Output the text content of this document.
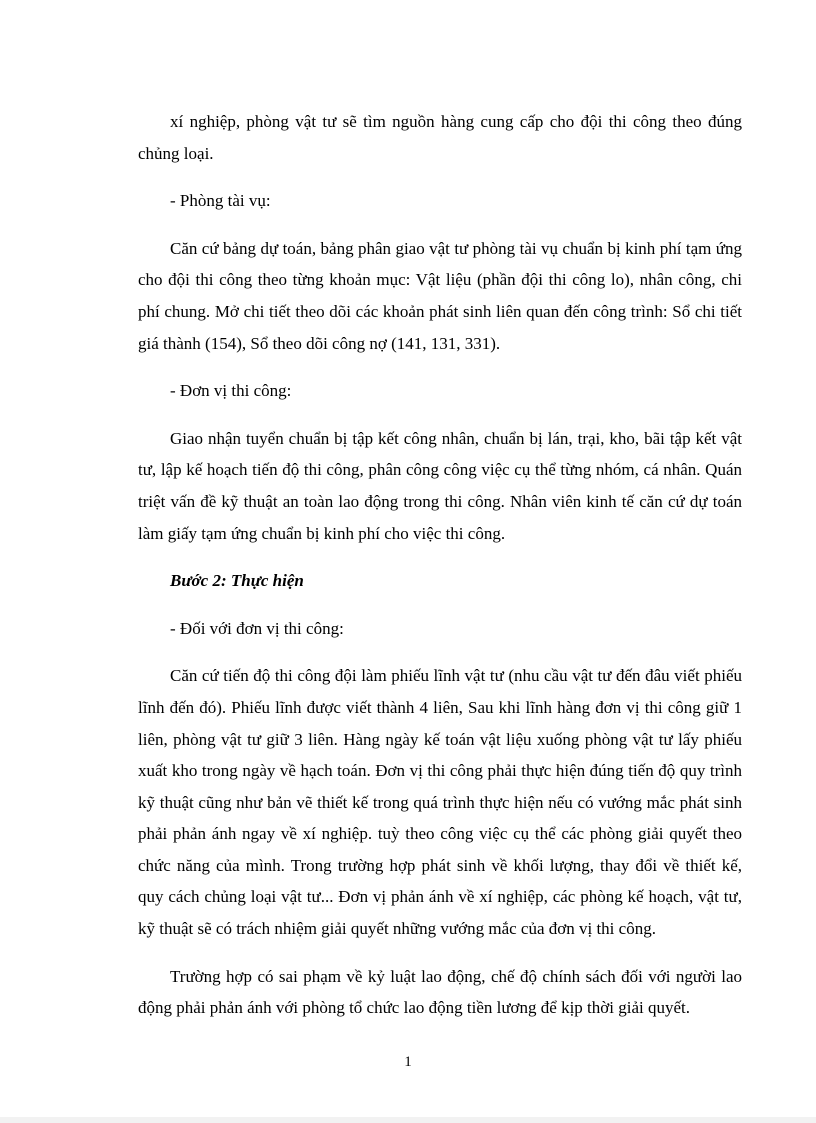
xí nghiệp, phòng vật tư sẽ tìm nguồn hàng cung cấp cho đội thi công theo đúng chủng loại.

- Phòng tài vụ:

Căn cứ bảng dự toán, bảng phân giao vật tư phòng tài vụ chuẩn bị kinh phí tạm ứng cho đội thi công theo từng khoản mục: Vật liệu (phần đội thi công lo), nhân công, chi phí chung. Mở chi tiết theo dõi các khoản phát sinh liên quan đến công trình: Sổ chi tiết giá thành (154), Sổ theo dõi công nợ (141, 131, 331).

- Đơn vị thi công:

Giao nhận tuyển chuẩn bị tập kết công nhân, chuẩn bị lán, trại, kho, bãi tập kết vật tư, lập kế hoạch tiến độ thi công, phân công công việc cụ thể từng nhóm, cá nhân. Quán triệt vấn đề kỹ thuật an toàn lao động trong thi công. Nhân viên kinh tế căn cứ dự toán làm giấy tạm ứng chuẩn bị kinh phí cho việc thi công.

Bước 2: Thực hiện

- Đối với đơn vị thi công:

Căn cứ tiến độ thi công đội làm phiếu lĩnh vật tư (nhu cầu vật tư đến đâu viết phiếu lĩnh đến đó). Phiếu lĩnh được viết thành 4 liên, Sau khi lĩnh hàng đơn vị thi công giữ 1 liên, phòng vật tư giữ 3 liên. Hàng ngày kế toán vật liệu xuống phòng vật tư lấy phiếu xuất kho trong ngày về hạch toán. Đơn vị thi công phải thực hiện đúng tiến độ quy trình kỹ thuật cũng như bản vẽ thiết kế trong quá trình thực hiện nếu có vướng mắc phát sinh phải phản ánh ngay về xí nghiệp. tuỳ theo công việc cụ thể các phòng giải quyết theo chức năng của mình. Trong trường hợp phát sinh về khối lượng, thay đổi về thiết kế, quy cách chủng loại vật tư... Đơn vị phản ánh về xí nghiệp, các phòng kế hoạch, vật tư, kỹ thuật sẽ có trách nhiệm giải quyết những vướng mắc của đơn vị thi công.

Trường hợp có sai phạm về kỷ luật lao động, chế độ chính sách đối với người lao động phải phản ánh với phòng tổ chức lao động tiền lương để kịp thời giải quyết.

1
